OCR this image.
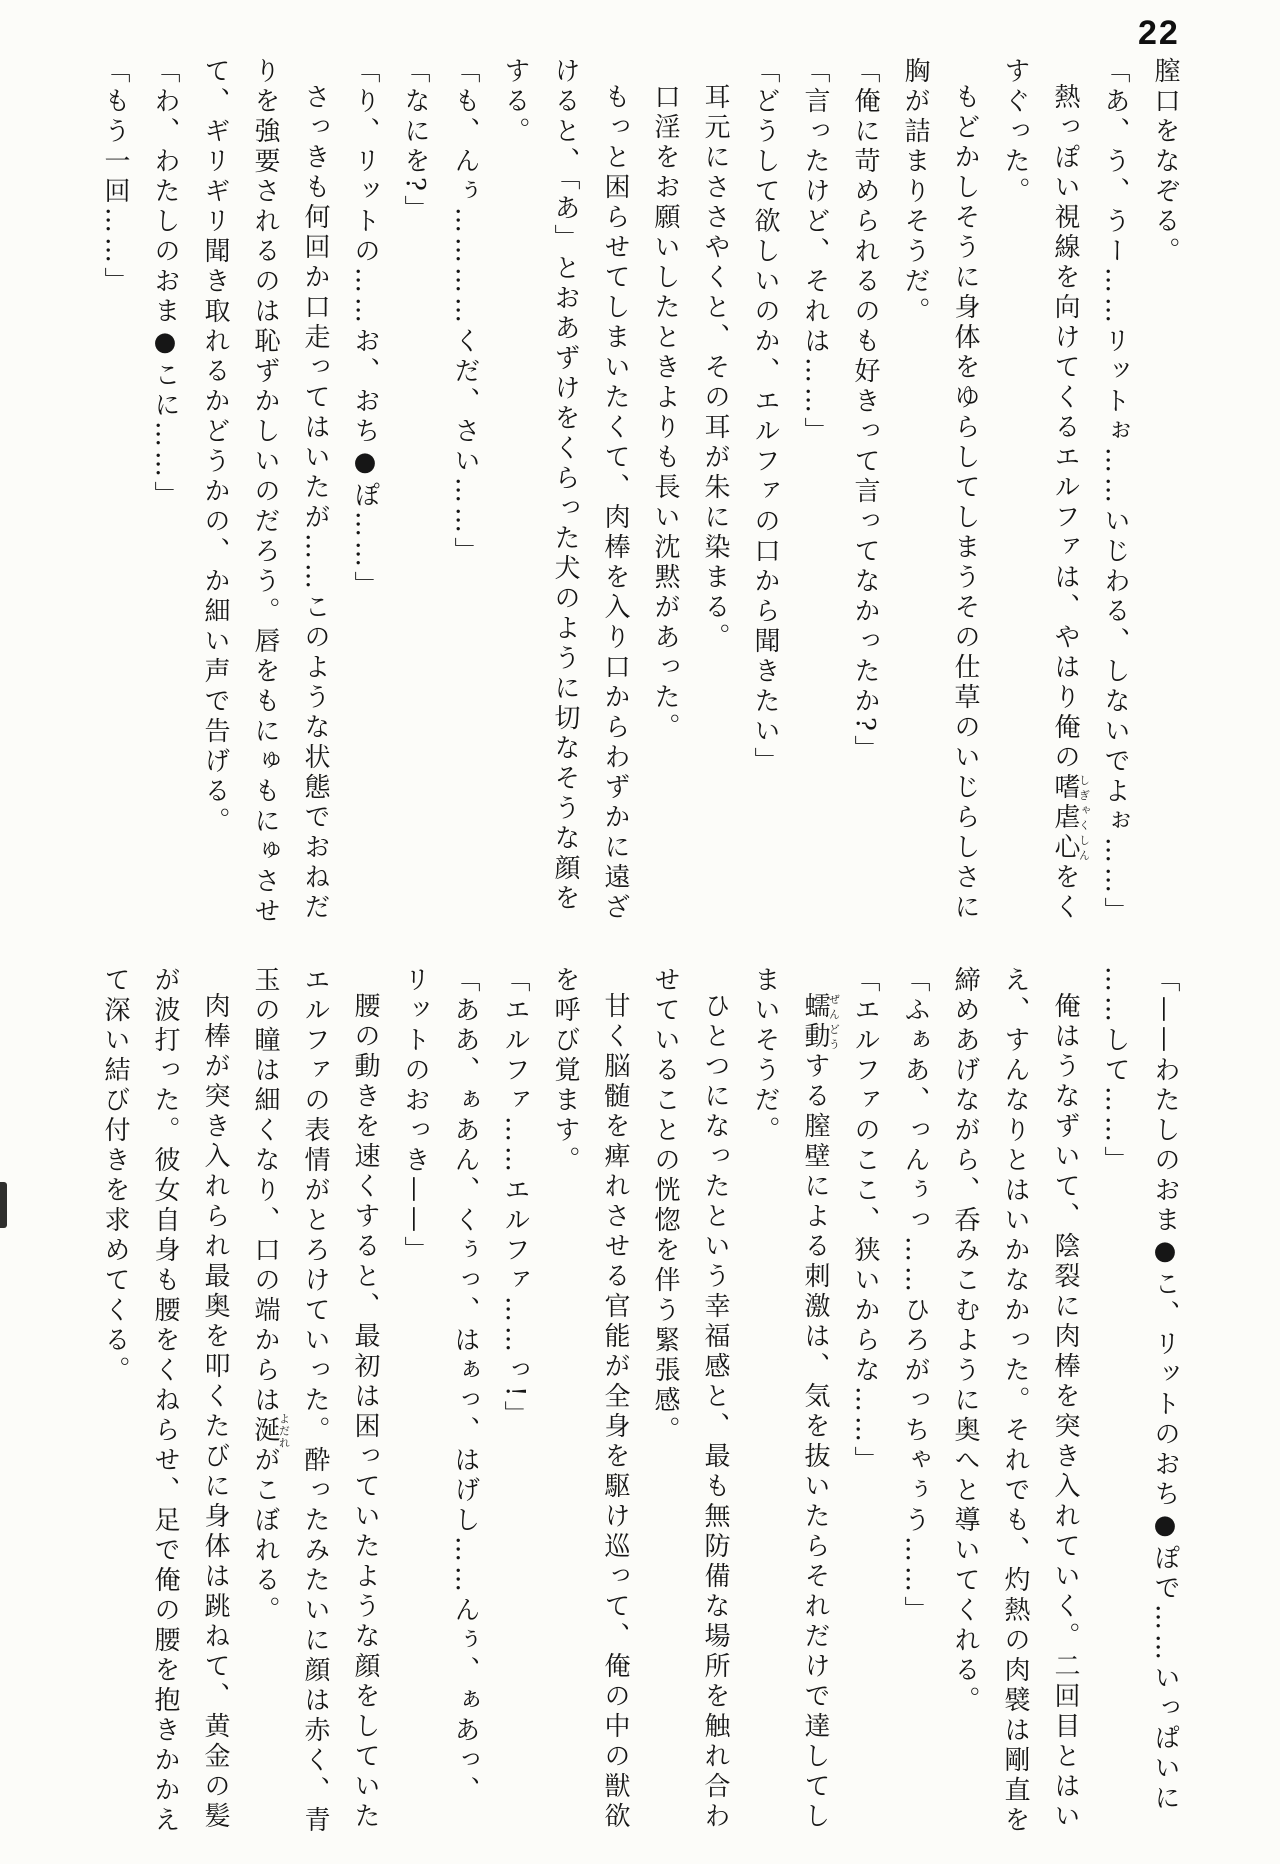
22

膣口をなぞる。

「あ、う、うー……リットぉ……いじわる、しないでよぉ……」

熱っぽい視線を向けてくるエルファは、やはり俺の嗜虐心しぎゃくしんをく

すぐった。

もどかしそうに身体をゆらしてしまうその仕草のいじらしさに

胸が詰まりそうだ。

「俺に苛められるのも好きって言ってなかったか?」

「言ったけど、それは……」

「どうして欲しいのか、エルファの口から聞きたい」

耳元にささやくと、その耳が朱に染まる。

口淫をお願いしたときよりも長い沈黙があった。

もっと困らせてしまいたくて、肉棒を入り口からわずかに遠ざ

けると、「あ」とおあずけをくらった犬のように切なそうな顔を

する。

「も、んぅ…………くだ、さい……」

「なにを?」

「り、リットの……お、おち●ぽ……」

さっきも何回か口走ってはいたが……このような状態でおねだ

りを強要されるのは恥ずかしいのだろう。唇をもにゅもにゅさせ

て、ギリギリ聞き取れるかどうかの、か細い声で告げる。

「わ、わたしのおま●こに……」

「もう一回……」

「——わたしのおま●こ、リットのおち●ぽで……いっぱいに

……して……」

俺はうなずいて、陰裂に肉棒を突き入れていく。二回目とはい

え、すんなりとはいかなかった。それでも、灼熱の肉襞は剛直を

締めあげながら、呑みこむように奥へと導いてくれる。

「ふぁあ、っんぅっ……ひろがっちゃぅう……」

「エルファのここ、狭いからな……」

蠕動ぜんどうする膣壁による刺激は、気を抜いたらそれだけで達してし

まいそうだ。

ひとつになったという幸福感と、最も無防備な場所を触れ合わ

せていることの恍惚を伴う緊張感。

甘く脳髄を痺れさせる官能が全身を駆け巡って、俺の中の獣欲

を呼び覚ます。

「エルファ……エルファ……っ!」

「ああ、ぁあん、くぅっ、はぁっ、はげし……んぅ、ぁあっ、

リットのおっき——」

腰の動きを速くすると、最初は困っていたような顔をしていた

エルファの表情がとろけていった。酔ったみたいに顔は赤く、青

玉の瞳は細くなり、口の端からは涎よだれがこぼれる。

肉棒が突き入れられ最奥を叩くたびに身体は跳ねて、黄金の髪

が波打った。彼女自身も腰をくねらせ、足で俺の腰を抱きかかえ

て深い結び付きを求めてくる。
